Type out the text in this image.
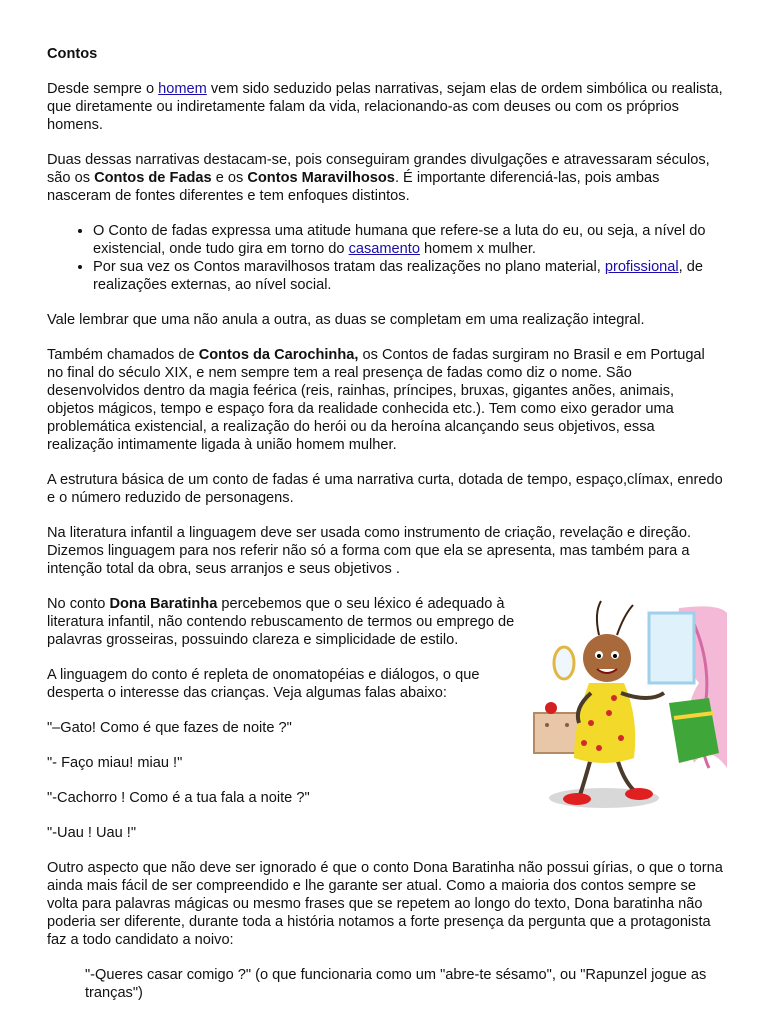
Contos

Desde sempre o homem vem sido seduzido pelas narrativas, sejam elas de ordem simbólica ou realista, que diretamente ou indiretamente falam da vida, relacionando-as com deuses ou com os próprios homens.

Duas dessas narrativas destacam-se, pois conseguiram grandes divulgações e atravessaram séculos, são os Contos de Fadas e os Contos Maravilhosos. É importante diferenciá-las, pois ambas nasceram de fontes diferentes e tem enfoques distintos.

• O Conto de fadas expressa uma atitude humana que refere-se a luta do eu, ou seja, a nível do existencial, onde tudo gira em torno do casamento homem x mulher.
• Por sua vez os Contos maravilhosos tratam das realizações no plano material, profissional, de realizações externas, ao nível social.

Vale lembrar que uma não anula a outra, as duas se completam em uma realização integral.

Também chamados de Contos da Carochinha, os Contos de fadas surgiram no Brasil e em Portugal no final do século XIX, e nem sempre tem a real presença de fadas como diz o nome. São desenvolvidos dentro da magia feérica (reis, rainhas, príncipes, bruxas, gigantes anões, animais, objetos mágicos, tempo e espaço fora da realidade conhecida etc.). Tem como eixo gerador uma problemática existencial, a realização do herói ou da heroína alcançando seus objetivos, essa realização intimamente ligada à união homem mulher.

A estrutura básica de um conto de fadas é uma narrativa curta, dotada de tempo, espaço,clímax, enredo e o número reduzido de personagens.

Na literatura infantil a linguagem deve ser usada como instrumento de criação, revelação e direção. Dizemos linguagem para nos referir não só a forma com que ela se apresenta, mas também para a intenção total da obra, seus arranjos e seus objetivos .

No conto Dona Baratinha percebemos que o seu léxico é adequado à literatura infantil, não contendo rebuscamento de termos ou emprego de palavras grosseiras, possuindo clareza e simplicidade de estilo.

A linguagem do conto é repleta de onomatopéias e diálogos, o que desperta o interesse das crianças. Veja algumas falas abaixo:

"–Gato! Como é que fazes de noite ?"

"- Faço miau! miau !"

"-Cachorro ! Como é a tua fala a noite ?"

"-Uau ! Uau !"

Outro aspecto que não deve ser ignorado é que o conto Dona Baratinha não possui gírias, o que o torna ainda mais fácil de ser compreendido e lhe garante ser atual. Como a maioria dos contos sempre se volta para palavras mágicas ou mesmo frases que se repetem ao longo do texto, Dona baratinha não poderia ser diferente, durante toda a história notamos a forte presença da pergunta que a protagonista faz a todo candidato a noivo:

"-Queres casar comigo ?" (o que funcionaria como um "abre-te sésamo", ou "Rapunzel jogue as tranças")
